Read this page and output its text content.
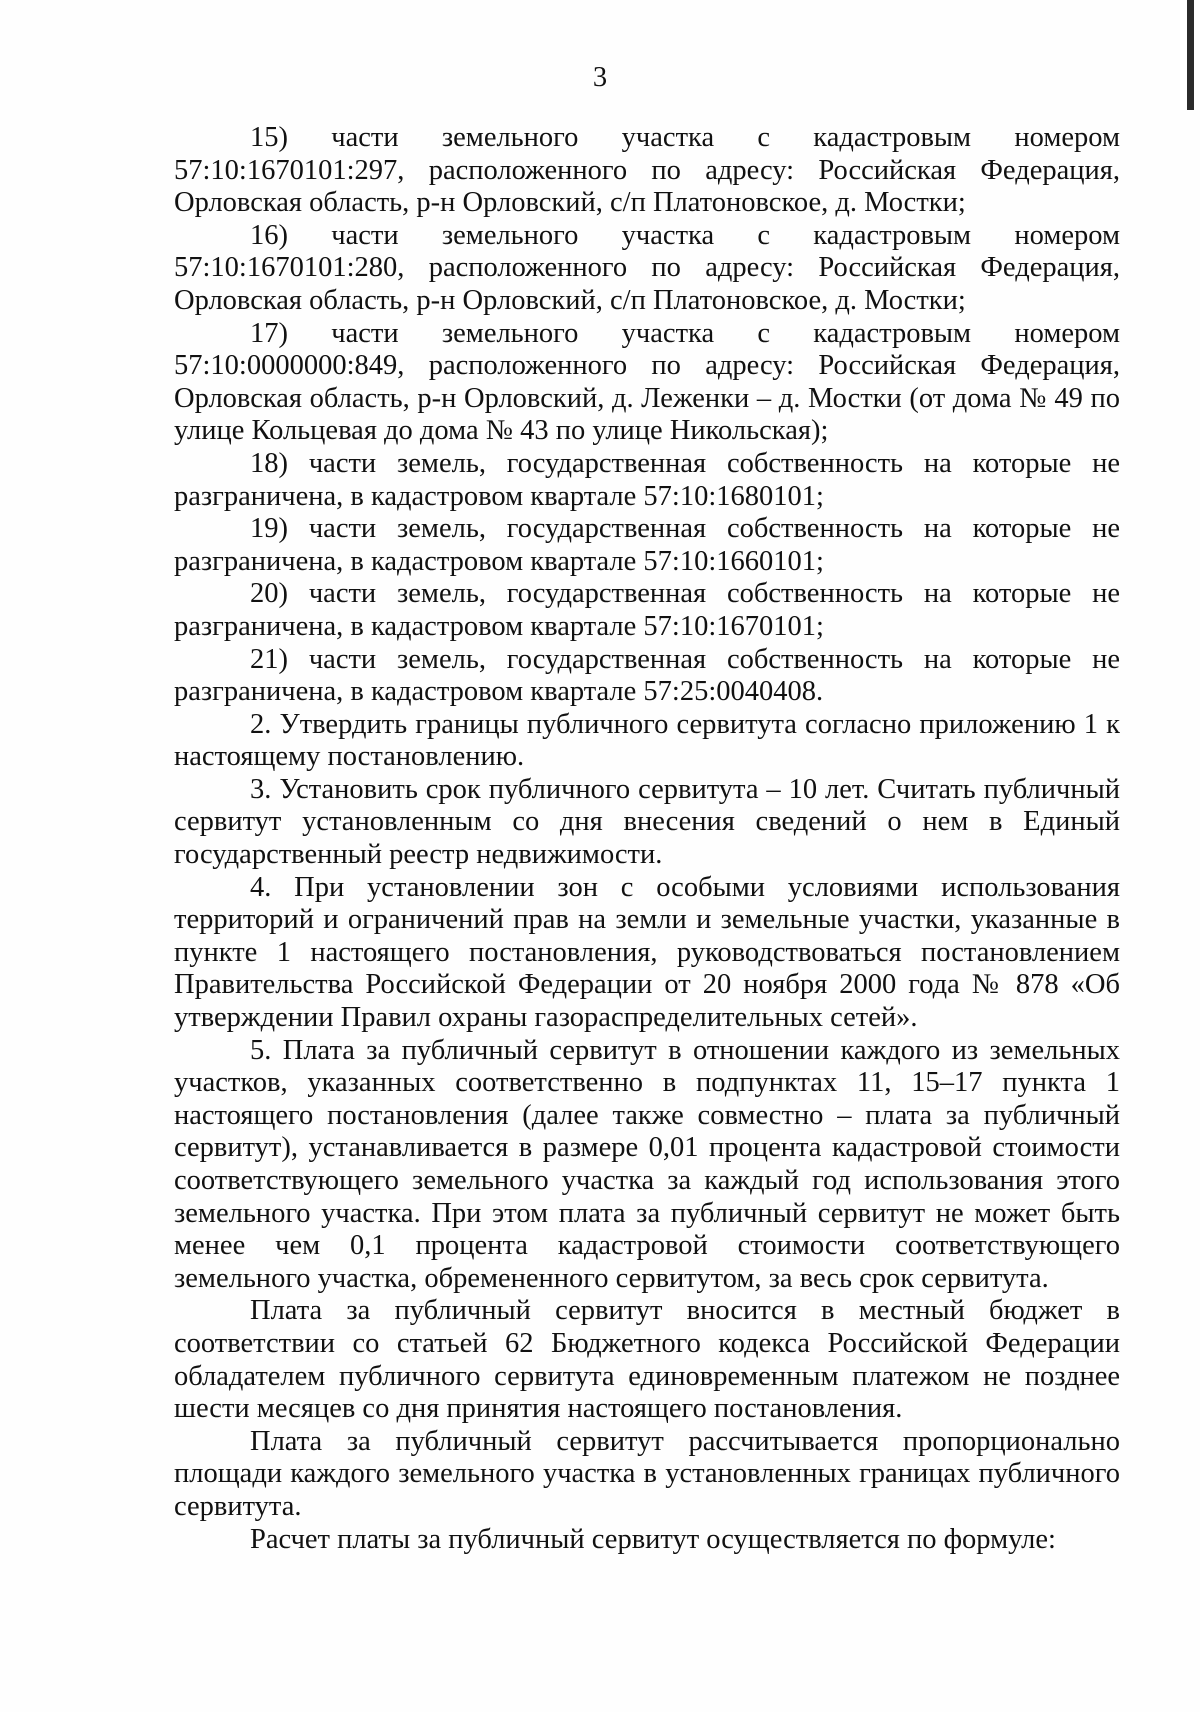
3

15) части земельного участка с кадастровым номером 57:10:1670101:297, расположенного по адресу: Российская Федерация, Орловская область, р-н Орловский, с/п Платоновское, д. Мостки;

16) части земельного участка с кадастровым номером 57:10:1670101:280, расположенного по адресу: Российская Федерация, Орловская область, р-н Орловский, с/п Платоновское, д. Мостки;

17) части земельного участка с кадастровым номером 57:10:0000000:849, расположенного по адресу: Российская Федерация, Орловская область, р-н Орловский, д. Леженки – д. Мостки (от дома № 49 по улице Кольцевая до дома № 43 по улице Никольская);

18) части земель, государственная собственность на которые не разграничена, в кадастровом квартале 57:10:1680101;

19) части земель, государственная собственность на которые не разграничена, в кадастровом квартале 57:10:1660101;

20) части земель, государственная собственность на которые не разграничена, в кадастровом квартале 57:10:1670101;

21) части земель, государственная собственность на которые не разграничена, в кадастровом квартале 57:25:0040408.

2. Утвердить границы публичного сервитута согласно приложению 1 к настоящему постановлению.

3. Установить срок публичного сервитута – 10 лет. Считать публичный сервитут установленным со дня внесения сведений о нем в Единый государственный реестр недвижимости.

4. При установлении зон с особыми условиями использования территорий и ограничений прав на земли и земельные участки, указанные в пункте 1 настоящего постановления, руководствоваться постановлением Правительства Российской Федерации от 20 ноября 2000 года № 878 «Об утверждении Правил охраны газораспределительных сетей».

5. Плата за публичный сервитут в отношении каждого из земельных участков, указанных соответственно в подпунктах 11, 15–17 пункта 1 настоящего постановления (далее также совместно – плата за публичный сервитут), устанавливается в размере 0,01 процента кадастровой стоимости соответствующего земельного участка за каждый год использования этого земельного участка. При этом плата за публичный сервитут не может быть менее чем 0,1 процента кадастровой стоимости соответствующего земельного участка, обремененного сервитутом, за весь срок сервитута.

Плата за публичный сервитут вносится в местный бюджет в соответствии со статьей 62 Бюджетного кодекса Российской Федерации обладателем публичного сервитута единовременным платежом не позднее шести месяцев со дня принятия настоящего постановления.

Плата за публичный сервитут рассчитывается пропорционально площади каждого земельного участка в установленных границах публичного сервитута.

Расчет платы за публичный сервитут осуществляется по формуле:
